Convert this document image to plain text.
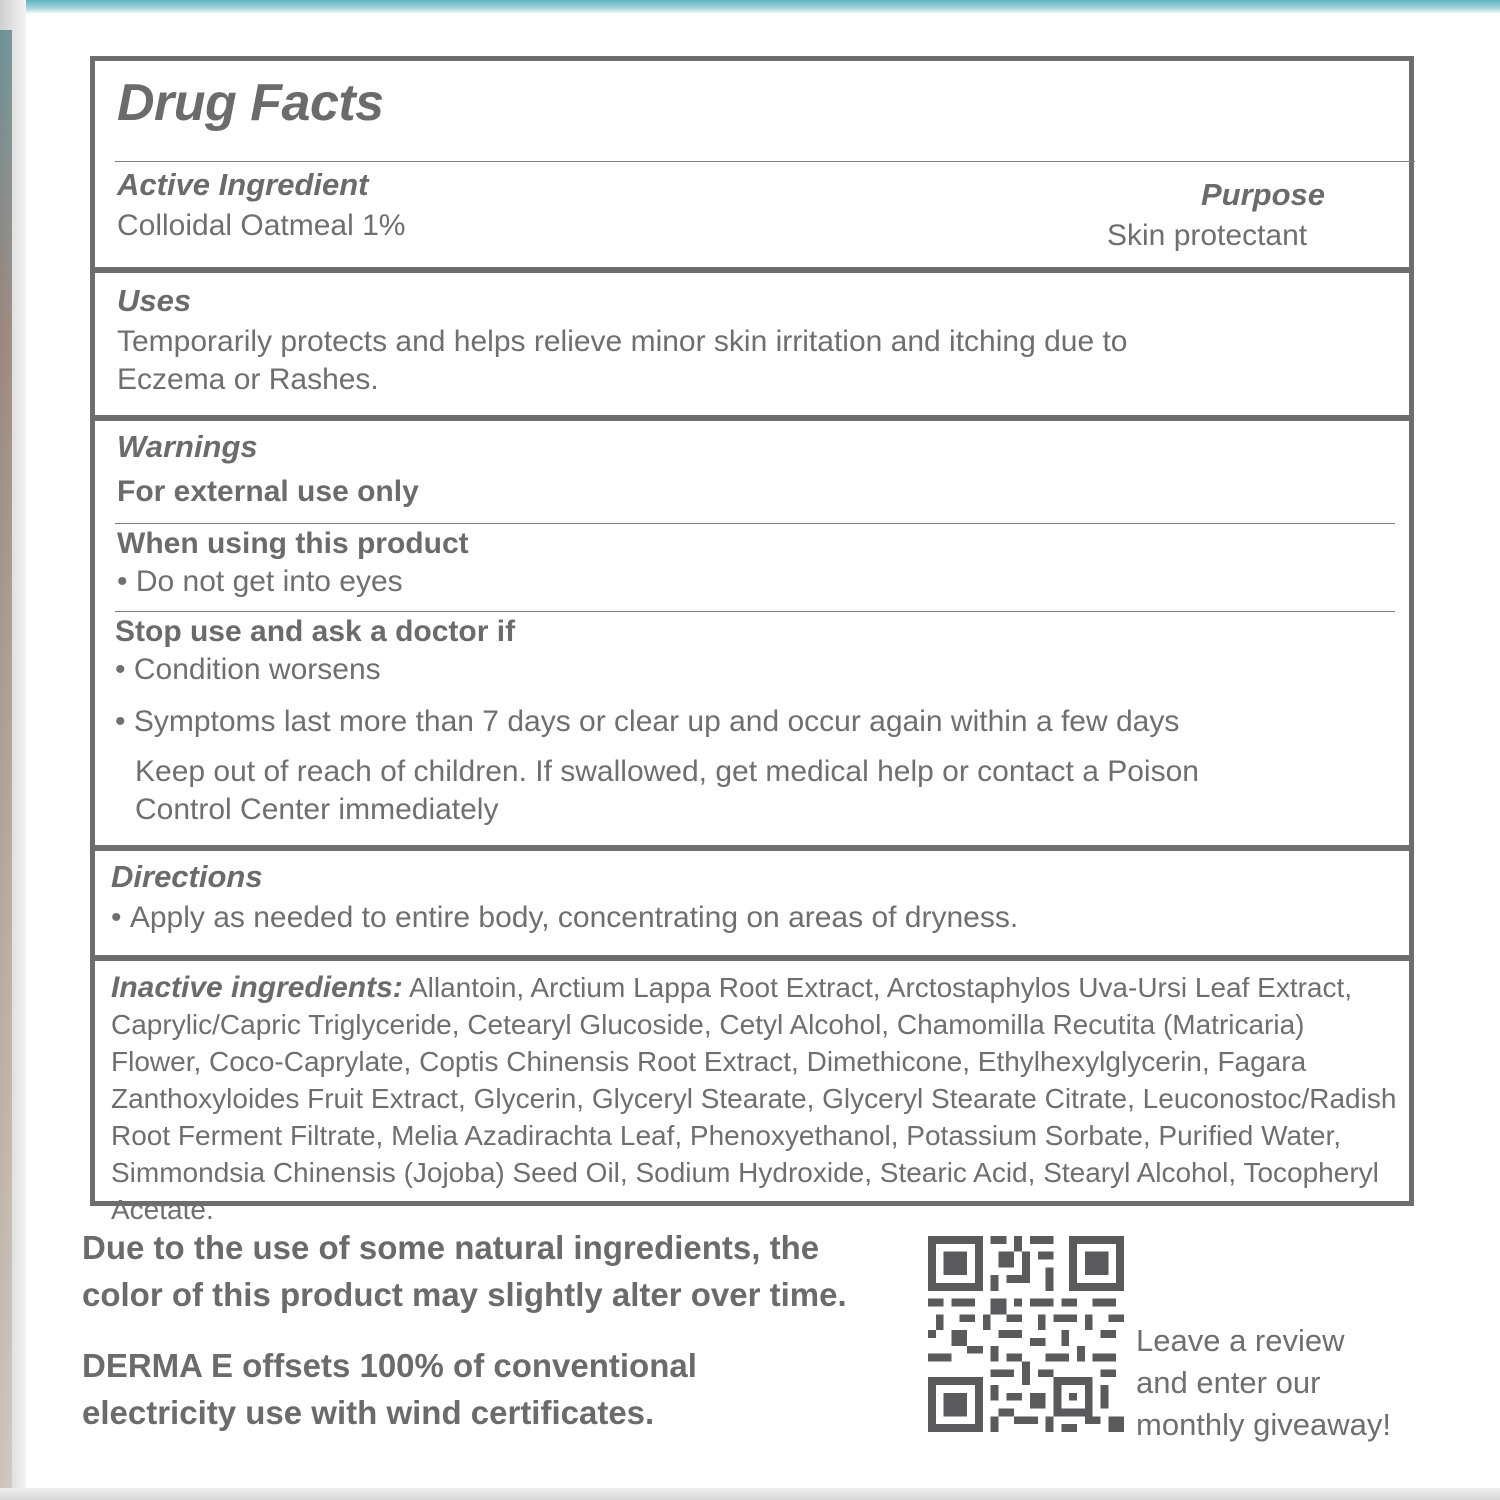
Drug Facts
Active Ingredient
Colloidal Oatmeal 1%
Purpose
Skin protectant
Uses
Temporarily protects and helps relieve minor skin irritation and itching due to
Eczema or Rashes.
Warnings
For external use only
When using this product
• Do not get into eyes
Stop use and ask a doctor if
• Condition worsens
• Symptoms last more than 7 days or clear up and occur again within a few days
Keep out of reach of children. If swallowed, get medical help or contact a Poison
Control Center immediately
Directions
• Apply as needed to entire body, concentrating on areas of dryness.
Inactive ingredients: Allantoin, Arctium Lappa Root Extract, Arctostaphylos Uva-Ursi Leaf Extract, Caprylic/Capric Triglyceride, Cetearyl Glucoside, Cetyl Alcohol, Chamomilla Recutita (Matricaria) Flower, Coco-Caprylate, Coptis Chinensis Root Extract, Dimethicone, Ethylhexylglycerin, Fagara Zanthoxyloides Fruit Extract, Glycerin, Glyceryl Stearate, Glyceryl Stearate Citrate, Leuconostoc/Radish Root Ferment Filtrate, Melia Azadirachta Leaf, Phenoxyethanol, Potassium Sorbate, Purified Water, Simmondsia Chinensis (Jojoba) Seed Oil, Sodium Hydroxide, Stearic Acid, Stearyl Alcohol, Tocopheryl Acetate.
Due to the use of some natural ingredients, the
color of this product may slightly alter over time.
DERMA E offsets 100% of conventional
electricity use with wind certificates.
Leave a review
and enter our
monthly giveaway!
